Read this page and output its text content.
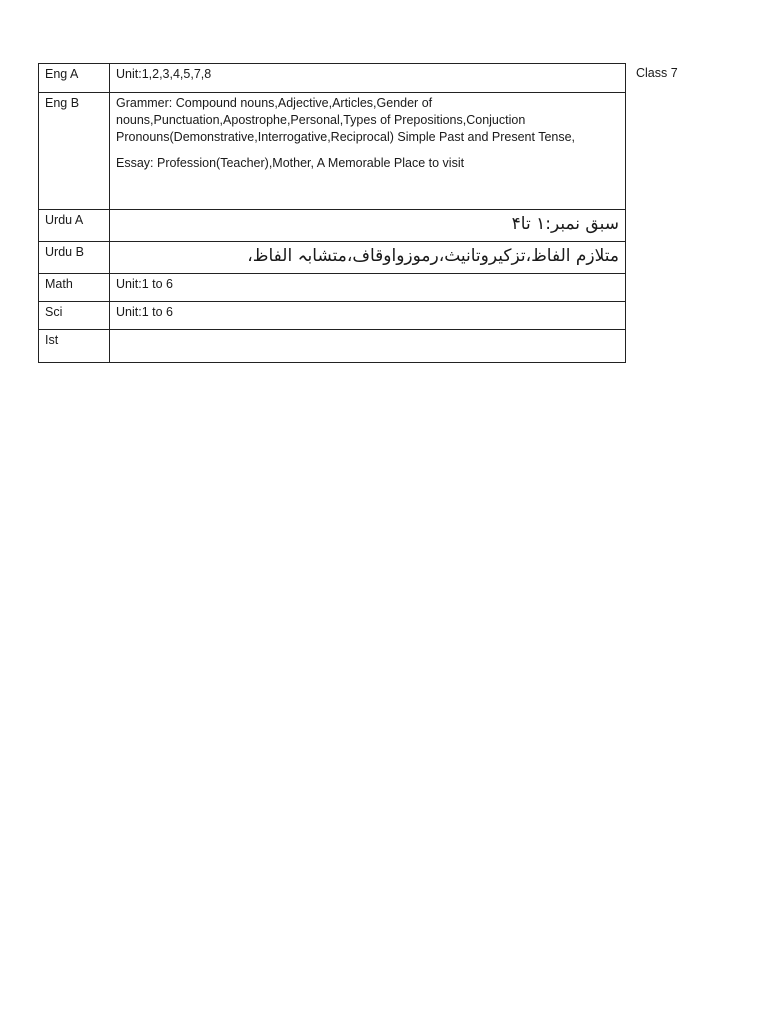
Eng A	Unit:1,2,3,4,5,7,8
Eng B	Grammer: Compound nouns,Adjective,Articles,Gender of nouns,Punctuation,Apostrophe,Personal,Types of Prepositions,Conjuction Pronouns(Demonstrative,Interrogative,Reciprocal) Simple Past and Present Tense,

Essay: Profession(Teacher),Mother, A Memorable Place to visit

Urdu A	سبق نمبر:۱ تا۴
Urdu B	متلازم الفاظ،تزکیروتانیث،رموزواوقاف،متشابہ الفاظ،
Math	Unit:1 to 6
Sci	Unit:1 to 6
Ist	
Class 7
